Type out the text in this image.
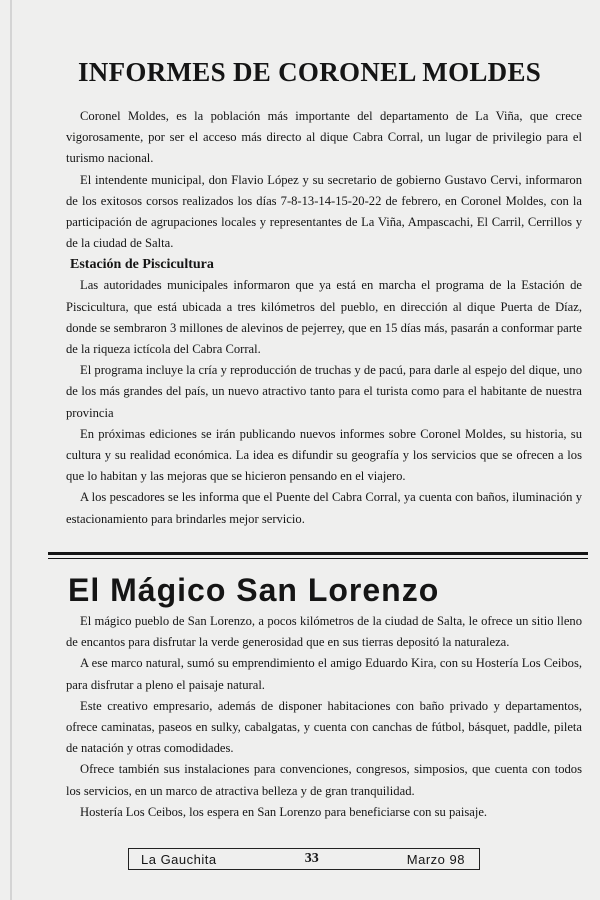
INFORMES DE CORONEL MOLDES

Coronel Moldes, es la población más importante del departamento de La Viña, que crece vigorosamente, por ser el acceso más directo al dique Cabra Corral, un lugar de privilegio para el turismo nacional.

El intendente municipal, don Flavio López y su secretario de gobierno Gustavo Cervi, informaron de los exitosos corsos realizados los días 7-8-13-14-15-20-22 de febrero, en Coronel Moldes, con la participación de agrupaciones locales y representantes de La Viña, Ampascachi, El Carril, Cerrillos y de la ciudad de Salta.

Estación de Piscicultura

Las autoridades municipales informaron que ya está en marcha el programa de la Estación de Piscicultura, que está ubicada a tres kilómetros del pueblo, en dirección al dique Puerta de Díaz, donde se sembraron 3 millones de alevinos de pejerrey, que en 15 días más, pasarán a conformar parte de la riqueza ictícola del Cabra Corral.

El programa incluye la cría y reproducción de truchas y de pacú, para darle al espejo del dique, uno de los más grandes del país, un nuevo atractivo tanto para el turista como para el habitante de nuestra provincia

En próximas ediciones se irán publicando nuevos informes sobre Coronel Moldes, su historia, su cultura y su realidad económica. La idea es difundir su geografía y los servicios que se ofrecen a los que lo habitan y las mejoras que se hicieron pensando en el viajero.

A los pescadores se les informa que el Puente del Cabra Corral, ya cuenta con baños, iluminación y estacionamiento para brindarles mejor servicio.

El Mágico San Lorenzo

El mágico pueblo de San Lorenzo, a pocos kilómetros de la ciudad de Salta, le ofrece un sitio lleno de encantos para disfrutar la verde generosidad que en sus tierras depositó la naturaleza.

A ese marco natural, sumó su emprendimiento el amigo Eduardo Kira, con su Hostería Los Ceibos, para disfrutar a pleno el paisaje natural.

Este creativo empresario, además de disponer habitaciones con baño privado y departamentos, ofrece caminatas, paseos en sulky, cabalgatas, y cuenta con canchas de fútbol, básquet, paddle, pileta de natación y otras comodidades.

Ofrece también sus instalaciones para convenciones, congresos, simposios, que cuenta con todos los servicios, en un marco de atractiva belleza y de gran tranquilidad.

Hostería Los Ceibos, los espera en San Lorenzo para beneficiarse con su paisaje.

La Gauchita	33	Marzo 98
